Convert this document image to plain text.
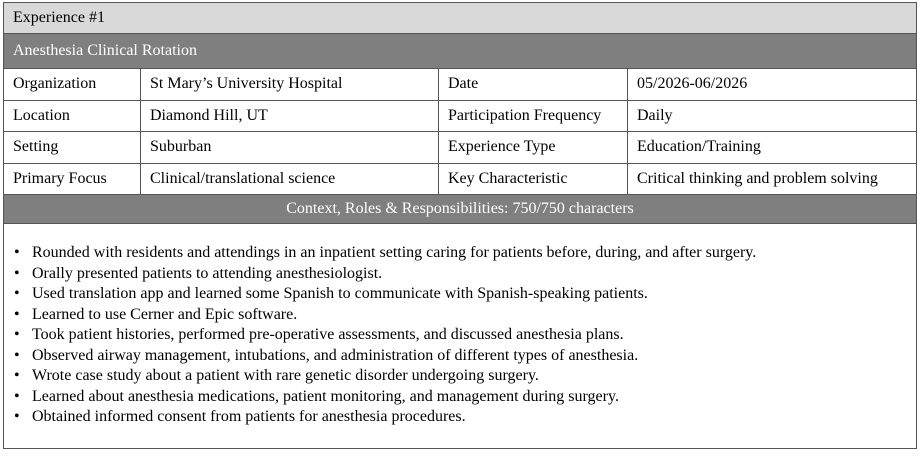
Experience #1
Anesthesia Clinical Rotation
Organization	St Mary’s University Hospital	Date	05/2026-06/2026
Location	Diamond Hill, UT	Participation Frequency	Daily
Setting	Suburban	Experience Type	Education/Training
Primary Focus	Clinical/translational science	Key Characteristic	Critical thinking and problem solving
Context, Roles & Responsibilities: 750/750 characters
• Rounded with residents and attendings in an inpatient setting caring for patients before, during, and after surgery.
• Orally presented patients to attending anesthesiologist.
• Used translation app and learned some Spanish to communicate with Spanish-speaking patients.
• Learned to use Cerner and Epic software.
• Took patient histories, performed pre-operative assessments, and discussed anesthesia plans.
• Observed airway management, intubations, and administration of different types of anesthesia.
• Wrote case study about a patient with rare genetic disorder undergoing surgery.
• Learned about anesthesia medications, patient monitoring, and management during surgery.
• Obtained informed consent from patients for anesthesia procedures.
